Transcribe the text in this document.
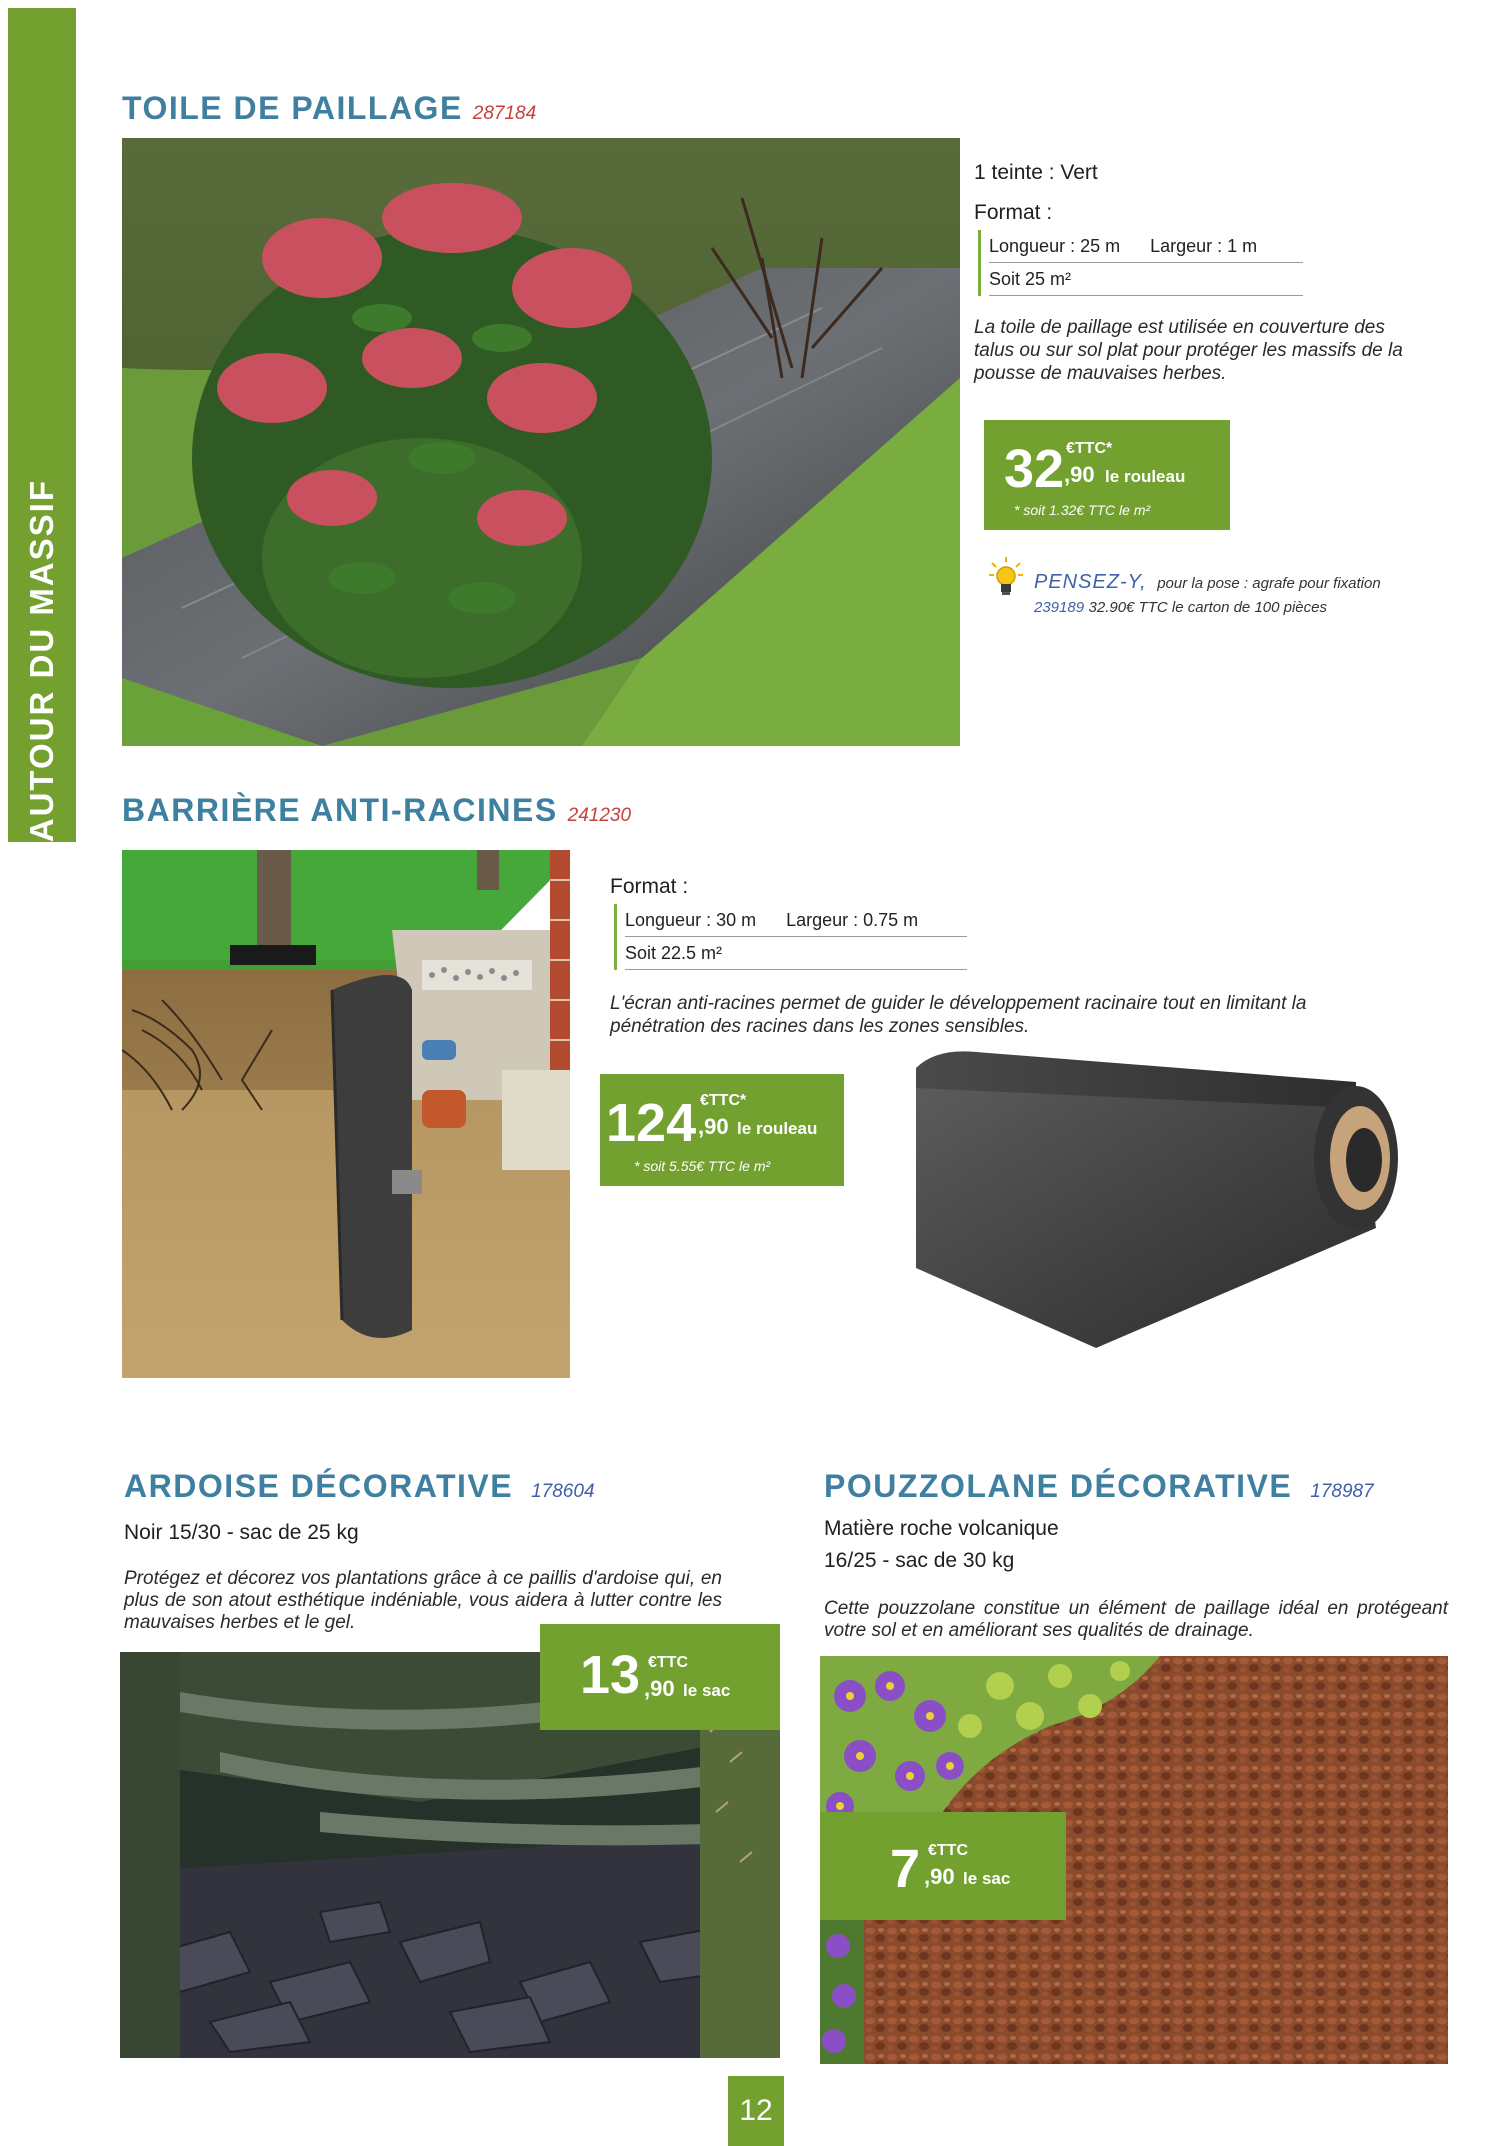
AUTOUR DU MASSIF
TOILE DE PAILLAGE 287184
1 teinte : Vert
Format :
Longueur : 25 m Largeur : 1 m
Soit 25 m²
La toile de paillage est utilisée en couverture des talus ou sur sol plat pour protéger les massifs de la pousse de mauvaises herbes.
32 €TTC*
,90 le rouleau
* soit 1.32€ TTC le m²
PENSEZ-Y, pour la pose : agrafe pour fixation
239189 32.90€ TTC le carton de 100 pièces
BARRIÈRE ANTI-RACINES 241230
Format :
Longueur : 30 m Largeur : 0.75 m
Soit 22.5 m²
L'écran anti-racines permet de guider le développement racinaire tout en limitant la pénétration des racines dans les zones sensibles.
124 €TTC*
,90 le rouleau
* soit 5.55€ TTC le m²
ARDOISE DÉCORATIVE 178604
Noir 15/30 - sac de 25 kg
Protégez et décorez vos plantations grâce à ce paillis d'ardoise qui, en plus de son atout esthétique indéniable, vous aidera à lutter contre les mauvaises herbes et le gel.
13 €TTC
,90 le sac
POUZZOLANE DÉCORATIVE 178987
Matière roche volcanique
16/25 - sac de 30 kg
Cette pouzzolane constitue un élément de paillage idéal en protégeant votre sol et en améliorant ses qualités de drainage.
7 €TTC
,90 le sac
12
